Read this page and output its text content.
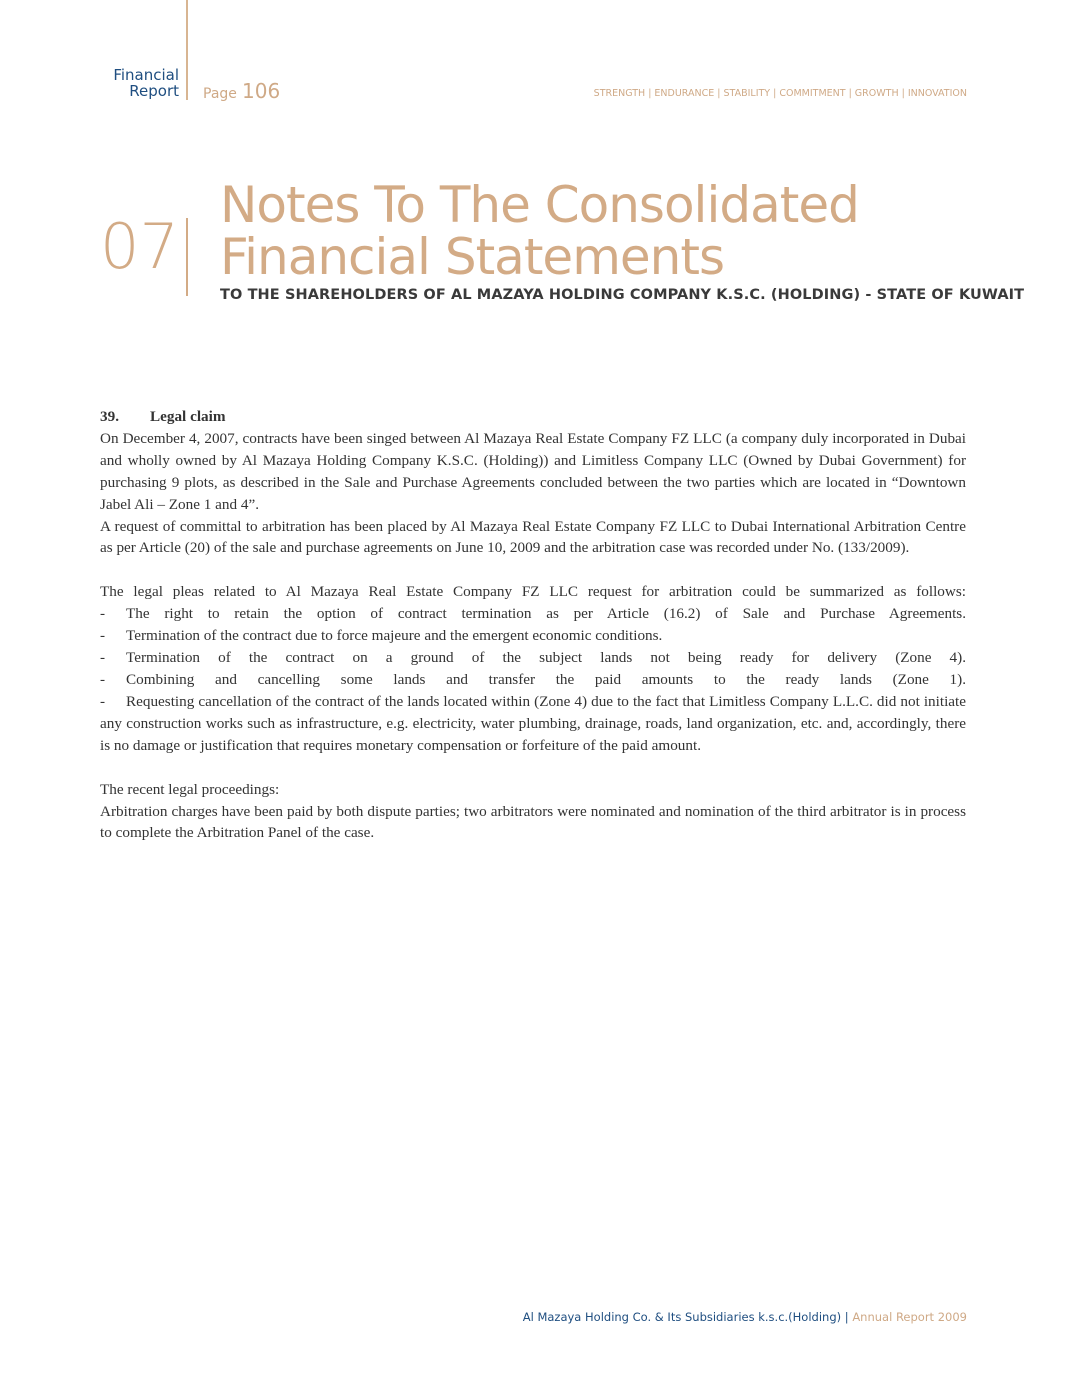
Financial
Report Page 106	STRENGTH | ENDURANCE | STABILITY | COMMITMENT | GROWTH | INNOVATION
07
Notes To The Consolidated
Financial Statements
TO THE SHAREHOLDERS OF AL MAZAYA HOLDING COMPANY K.S.C. (HOLDING) - STATE OF KUWAIT

39. Legal claim

On December 4, 2007, contracts have been singed between Al Mazaya Real Estate Company FZ LLC (a company duly incorporated in Dubai and wholly owned by Al Mazaya Holding Company K.S.C. (Holding)) and Limitless Company LLC (Owned by Dubai Government) for purchasing 9 plots, as described in the Sale and Purchase Agreements concluded between the two parties which are located in “Downtown Jabel Ali – Zone 1 and 4”.

A request of committal to arbitration has been placed by Al Mazaya Real Estate Company FZ LLC to Dubai International Arbitration Centre as per Article (20) of the sale and purchase agreements on June 10, 2009 and the arbitration case was recorded under No. (133/2009).

The legal pleas related to Al Mazaya Real Estate Company FZ LLC request for arbitration could be summarized as follows:

- The right to retain the option of contract termination as per Article (16.2) of Sale and Purchase Agreements.

- Termination of the contract due to force majeure and the emergent economic conditions.

- Termination of the contract on a ground of the subject lands not being ready for delivery (Zone 4).

- Combining and cancelling some lands and transfer the paid amounts to the ready lands (Zone 1).

- Requesting cancellation of the contract of the lands located within (Zone 4) due to the fact that Limitless Company L.L.C. did not initiate any construction works such as infrastructure, e.g. electricity, water plumbing, drainage, roads, land organization, etc. and, accordingly, there is no damage or justification that requires monetary compensation or forfeiture of the paid amount.

The recent legal proceedings:

Arbitration charges have been paid by both dispute parties; two arbitrators were nominated and nomination of the third arbitrator is in process to complete the Arbitration Panel of the case.

Al Mazaya Holding Co. & Its Subsidiaries k.s.c.(Holding) | Annual Report 2009
